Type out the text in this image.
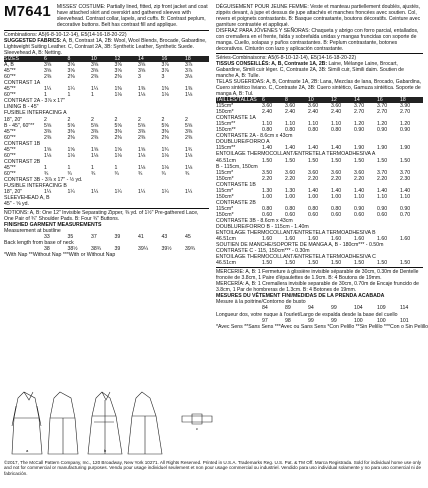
M7641 MISSES' COSTUME: Partially lined, fitted, zip front jacket and coat have attached skirt and overskirt and gathered sleeves with sleevehead. Contrast collar, lapels, and cuffs. B: Contrast peplum, decorative buttons. Belt has contrast fill and applique.
Combinations: A5(6-8-10-12-14), E5(14-16-18-20-22)
SUGGESTED FABRICS: A, B, Contrast 1A, 2B: Wool, Wool Blends, Brocade, Gabardine, Lightweight Suiting Leather. C, Contrast 2A, 3B: Synthetic Leather, Synthetic Suede. Sleevehead A, B: Netting.
SIZES	6	8	10	12	14	16	18
A, B	3⅝	3⅝	3⅝	3⅝	3⅝	3⅞	3⅞
45"**	3⅝	3⅝	3⅝	3⅝	3⅝	3⅞	3⅞
60"**	2⅜	2⅜	2⅜	2⅜	3	3	3⅛
CONTRAST 1A
45"**	1¼	1¼	1¼	1⅜	1⅜	1⅜	1⅜
60"**	1	1	1	1⅛	1⅛	1⅛	1⅛
CONTRAST 2A - 3⅞ x 17"
LINING B - 45"
FUSIBLE INTERFACING A
18", 20"	2	2	2	2	2	2	2
B - 45", 60"**	5⅝	5⅝	5⅝	5⅝	5⅝	5⅝	5⅝
45"**	3⅜	3⅜	3⅜	3⅜	3⅜	3⅜	3⅜
60"**	2⅜	2⅜	2⅜	2⅜	2⅜	2⅜	2⅜
CONTRAST 1B
45"**	1⅝	1⅝	1⅝	1⅝	1⅝	1¾	1¾
60"**	1⅛	1⅛	1⅛	1⅛	1⅛	1⅛	1⅛
CONTRAST 2B
45"**	1	1	1	1	1⅛	1⅛	1⅛
60"**	¾	¾	¾	¾	¾	¾	¾
CONTRAST 3B - 3⅞ x 17" - ½ yd.
FUSIBLE INTERFACING B
18", 20"	1¼	1¼	1¼	1¼	1¼	1¼	1¼
SLEEVEHEAD A, B
45" - ⅝ yd.
NOTIONS: A, B: One 12" Invisible Separating Zipper, ⅜ yd. of 1½" Pre-gathered Lace, One Pair of ¾" Shoulder Pads. B: Four ¾" Buttons.
FINISHED GARMENT MEASUREMENTS
Measurement at bustline
33	35	37	39	41	43	45
Back length from base of neck
38	38½	38¾	39	39¼	39½	39¾
*With Nap **Without Nap ***With or Without Nap
DÉGUISEMENT POUR JEUNE FEMME: Veste et manteau partiellement doublés, ajustés, zippés devant, à jupe et dessus de jupe attachés et manches froncées avec soutien. Col, revers et poignets contrastants. B: Basque contrastante, boutons décoratifs. Ceinture avec garniture contrastée et appliqué.
DISFRAZ PARA JÓVENES Y SEÑORAS: Chaqueta y abrigo con forro parcial, entallados, con cremallera en el frente, falda y sobrefalda unidas y mangas fruncidas con soporte de manga. Cuello, solapas y puños contrastantes. B: Peplum contrastante, botones decorativos. Cinturón con lazo y aplicación contrastante.
Séries-Combinaisons: A5(6-8-10-12-14), E5(14-16-18-20-22)
TISSUS CONSEILLÉS: A, B, Contraste 1A, 2B: Laine, Mélange Laine, Brocart, Gabardine, Simili cuir léger. C, Contraste 2A, 3B: Simili cuir, Simili daim. Soutien de manche A, B: Tulle.
TELAS SUGERIDAS: A, B, Contraste 1A, 2B: Lana, Mezclas de lana, Brocado, Gabardina, Cuero sintético liviano. C, Contraste 2A, 3B: Cuero sintético, Gamuza sintética. Soporte de manga A, B: Tul.
TAILLES/TALLAS	6	8	10	12	14	16	18
115cm*	3.60	3.60	3.60	3.60	3.70	3.70	3.90
150cm*	2.40	2.40	2.40	2.40	2.70	2.70	2.70
CONTRASTE 1A
115cm**	1.10	1.10	1.10	1.10	1.20	1.20	1.20
150cm**	0.80	0.80	0.80	0.80	0.90	0.90	0.90
CONTRASTE 2A - 8.6cm x 43cm
DOUBLURE/FORRO A
115cm**	1.40	1.40	1.40	1.40	1.90	1.90	1.90
ENTOILAGE THERMOCOLLANT/ENTRETELA TERMOADHESIVA A
46.51cm	1.50	1.50	1.50	1.50	1.50	1.50	1.50
B - 115cm, 150cm
115cm*	3.50	3.60	3.60	3.60	3.60	3.70	3.70
150cm*	2.20	2.20	2.20	2.20	2.20	2.20	2.30
CONTRASTE 1B
115cm*	1.30	1.30	1.40	1.40	1.40	1.40	1.40
150cm*	1.00	1.00	1.00	1.00	1.10	1.10	1.10
CONTRASTE 2B
115cm*	0.80	0.80	0.80	0.80	0.90	0.90	0.90
150cm*	0.60	0.60	0.60	0.60	0.60	0.60	0.70
CONTRASTE 3B - 8.6cm x 43cm
DOUBLURE/FORRO B - 115cm - 1.40m
ENTOILAGE THERMOCOLLANT/ENTRETELA TERMOADHESIVA B
46.51cm	1.60	1.60	1.60	1.60	1.60	1.60	1.60
SOUTIEN DE MANCHE/SOPORTE DE MANGA A, B - 180cm*** - 0.50m
CONTRASTE C - 115, 150cm*** - 0.30m
ENTOILAGE THERMOCOLLANT/ENTRETELA TERMOADHESIVA C
46.51cm	1.50	1.50	1.50	1.50	1.50	1.50	1.50
MERCERIE: A, B: 1 Fermeture à glissière invisible séparable de 30cm, 0.30m de Dentelle froncée de 3.8cm, 1 Paire d'épaulettes de 1.9cm. B: 4 Boutons de 19mm.
MERCERÍA: A, B: 1 Cremallera invisible separable de 30cm, 0.70m de Encaje fruncido de 3.8cm, 1 Par de hombreras de 1.3cm. B: 4 Botones de 19mm.
MESURES DU VÊTEMENT FINI/MEDIDAS DE LA PRENDA ACABADA
Mesure à la poitrine/Contorno de busto
84	89	94	99	104	109	114
Longueur dos, votre nuque à l'ourlet/Largo de espalda desde la base del cuello
97	98	99	99	100	100	101
*Avec Sens **Sans Sens ***Avec ou Sans Sens *Con Pelillo **Sin Pelillo ***Con o Sin Pelillo
a	b
c
©2017, The McCall Pattern Company, Inc., 120 Broadway, New York 10271. All Rights Reserved. Printed in U.S.A. Trademarks Reg. U.S. Pat. & TM Off. Marca Registrada. Sold for individual home use only and not for commercial or manufacturing purposes. Vendu pour usage individuel seulement et non pour usage commercial ou industriel. Vendido para uso individual solamente y no para uso comercial ni de fabricación.
